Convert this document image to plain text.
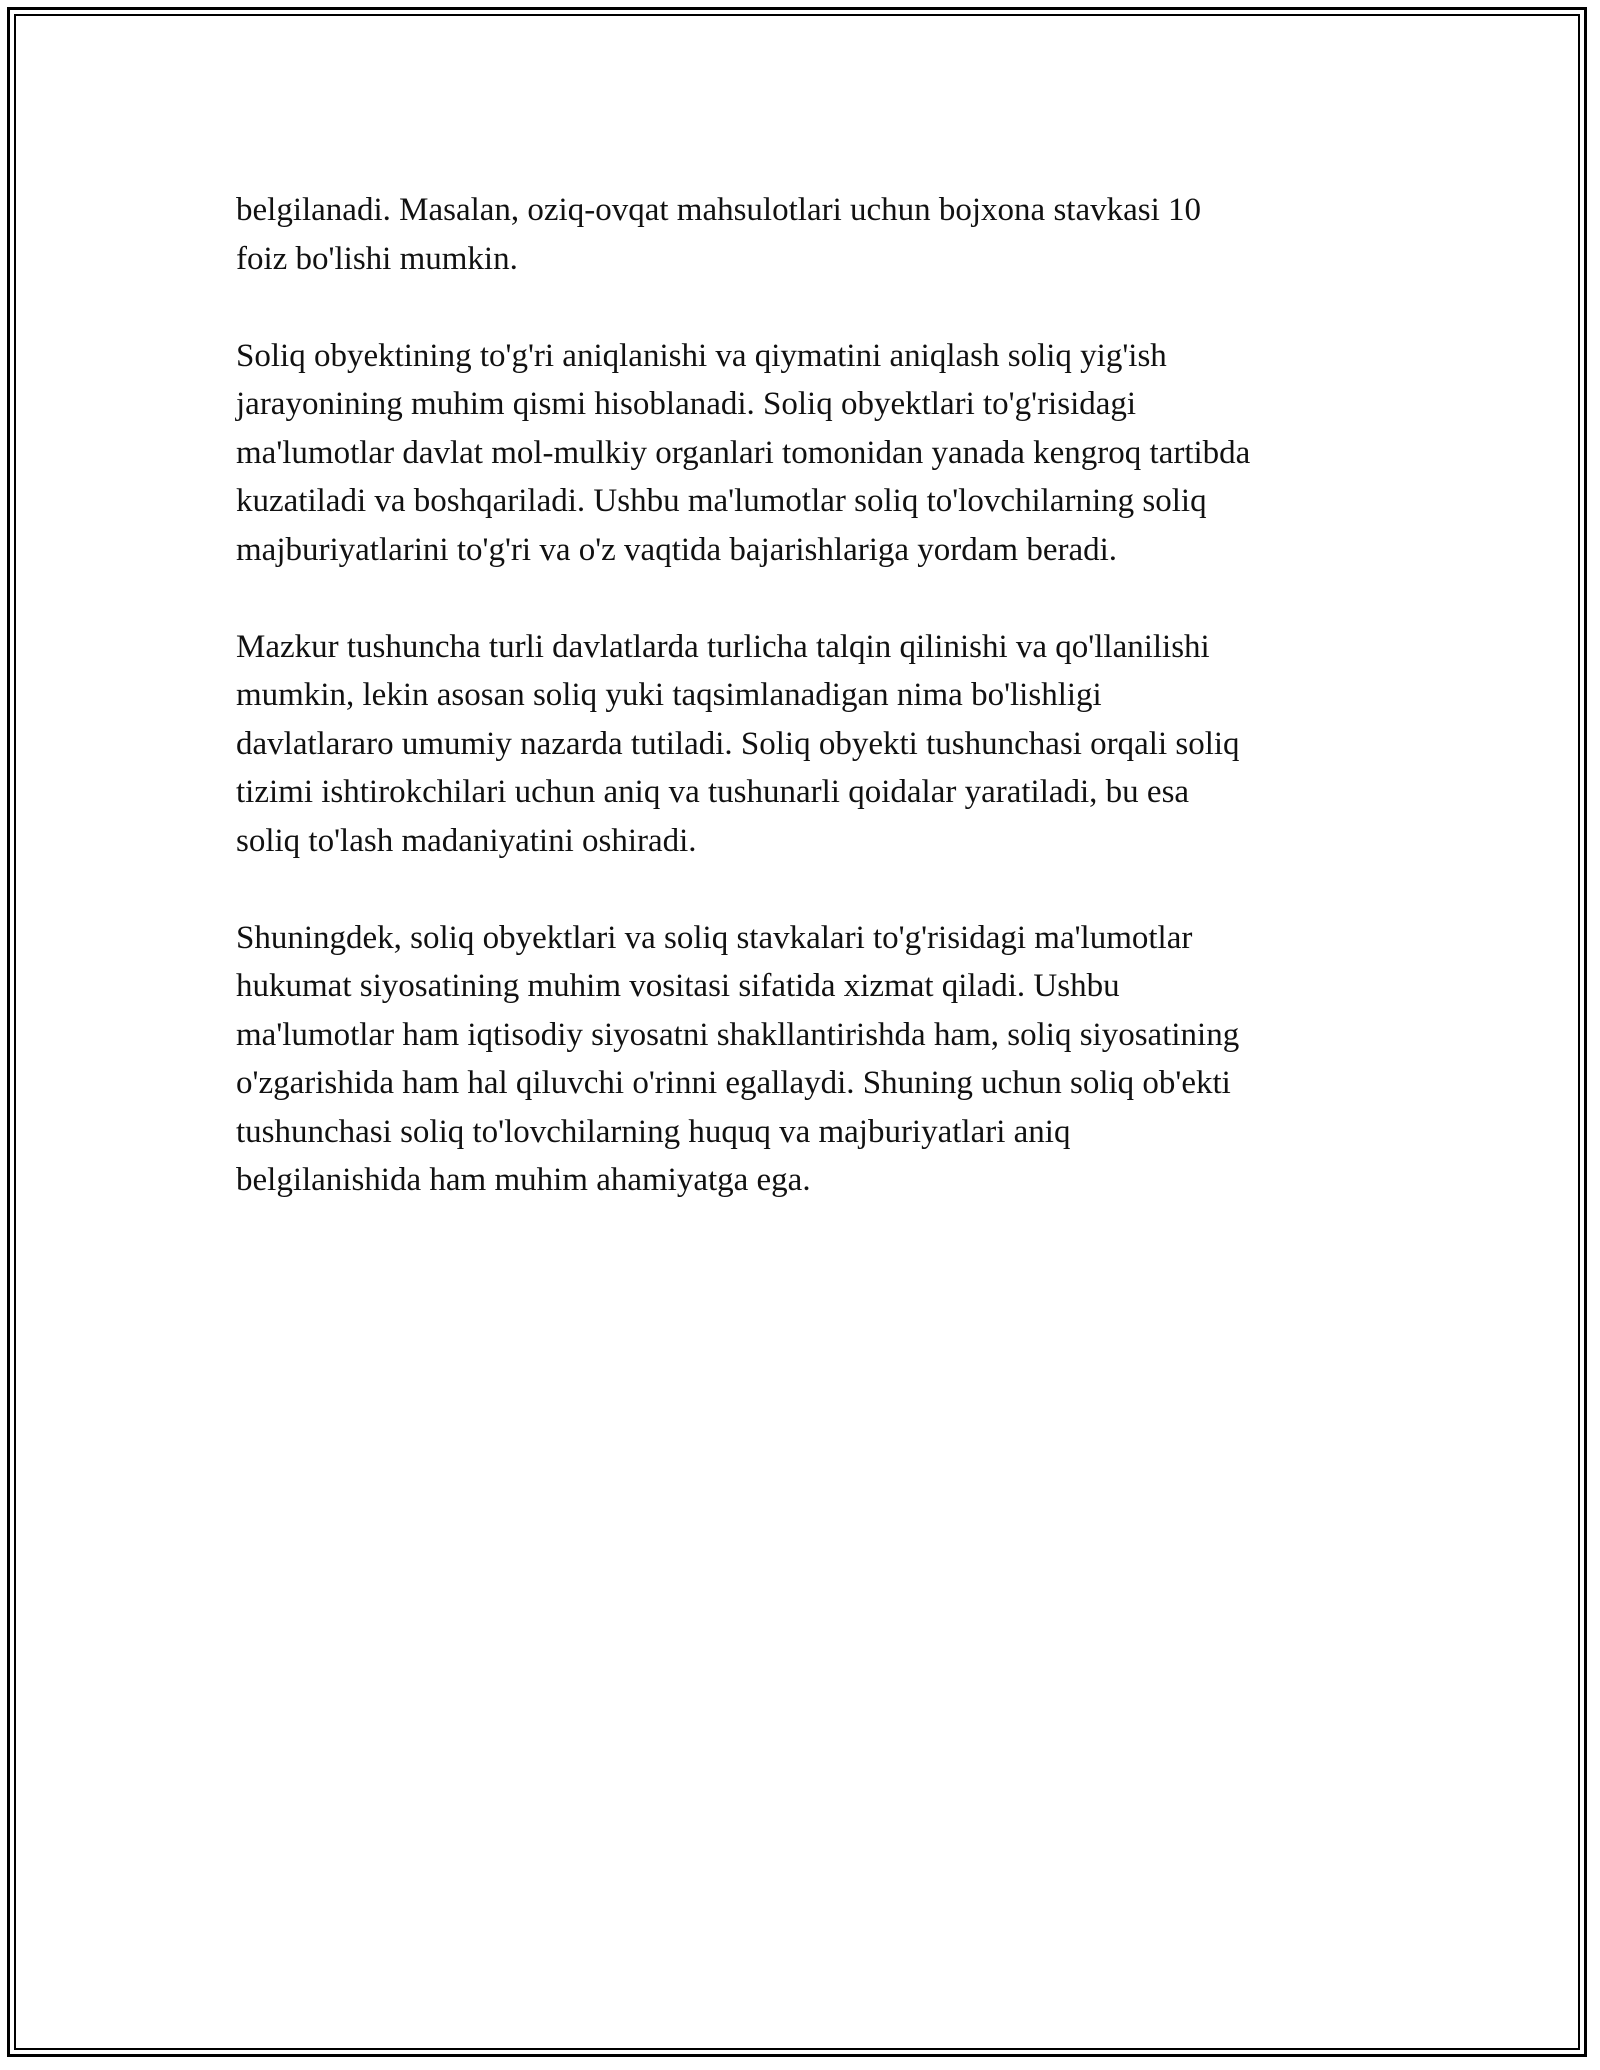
belgilanadi. Masalan, oziq-ovqat mahsulotlari uchun bojxona stavkasi 10
foiz bo'lishi mumkin.

Soliq obyektining to'g'ri aniqlanishi va qiymatini aniqlash soliq yig'ish
jarayonining muhim qismi hisoblanadi. Soliq obyektlari to'g'risidagi
ma'lumotlar davlat mol-mulkiy organlari tomonidan yanada kengroq tartibda
kuzatiladi va boshqariladi. Ushbu ma'lumotlar soliq to'lovchilarning soliq
majburiyatlarini to'g'ri va o'z vaqtida bajarishlariga yordam beradi.

Mazkur tushuncha turli davlatlarda turlicha talqin qilinishi va qo'llanilishi
mumkin, lekin asosan soliq yuki taqsimlanadigan nima bo'lishligi
davlatlararo umumiy nazarda tutiladi. Soliq obyekti tushunchasi orqali soliq
tizimi ishtirokchilari uchun aniq va tushunarli qoidalar yaratiladi, bu esa
soliq to'lash madaniyatini oshiradi.

Shuningdek, soliq obyektlari va soliq stavkalari to'g'risidagi ma'lumotlar
hukumat siyosatining muhim vositasi sifatida xizmat qiladi. Ushbu
ma'lumotlar ham iqtisodiy siyosatni shakllantirishda ham, soliq siyosatining
o'zgarishida ham hal qiluvchi o'rinni egallaydi. Shuning uchun soliq ob'ekti
tushunchasi soliq to'lovchilarning huquq va majburiyatlari aniq
belgilanishida ham muhim ahamiyatga ega.
